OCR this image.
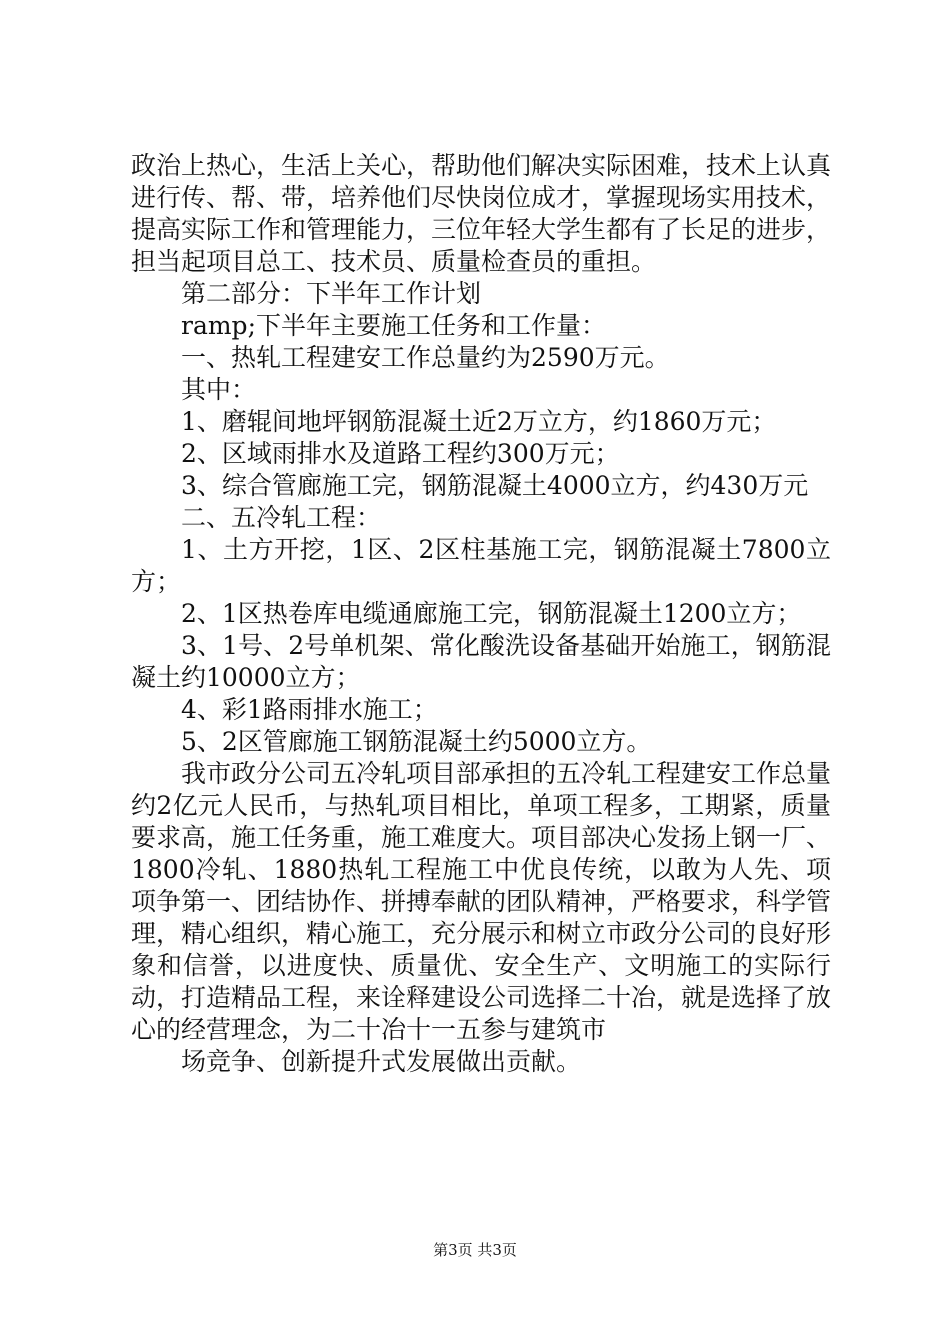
政治上热心，生活上关心，帮助他们解决实际困难，技术上认真进行传、帮、带，培养他们尽快岗位成才，掌握现场实用技术，提高实际工作和管理能力，三位年轻大学生都有了长足的进步，担当起项目总工、技术员、质量检查员的重担。

第二部分：下半年工作计划

ramp;下半年主要施工任务和工作量：

一、热轧工程建安工作总量约为2590万元。

其中：

1、磨辊间地坪钢筋混凝土近2万立方，约1860万元；

2、区域雨排水及道路工程约300万元；

3、综合管廊施工完，钢筋混凝土4000立方，约430万元

二、五冷轧工程：

1、土方开挖，1区、2区柱基施工完，钢筋混凝土7800立方；

2、1区热卷库电缆通廊施工完，钢筋混凝土1200立方；

3、1号、2号单机架、常化酸洗设备基础开始施工，钢筋混凝土约10000立方；

4、彩1路雨排水施工；

5、2区管廊施工钢筋混凝土约5000立方。

我市政分公司五冷轧项目部承担的五冷轧工程建安工作总量约2亿元人民币，与热轧项目相比，单项工程多，工期紧，质量要求高，施工任务重，施工难度大。项目部决心发扬上钢一厂、1800冷轧、1880热轧工程施工中优良传统，以敢为人先、项项争第一、团结协作、拼搏奉献的团队精神，严格要求，科学管理，精心组织，精心施工，充分展示和树立市政分公司的良好形象和信誉，以进度快、质量优、安全生产、文明施工的实际行动，打造精品工程，来诠释建设公司选择二十冶，就是选择了放心的经营理念，为二十冶十一五参与建筑市

场竞争、创新提升式发展做出贡献。

第3页 共3页
